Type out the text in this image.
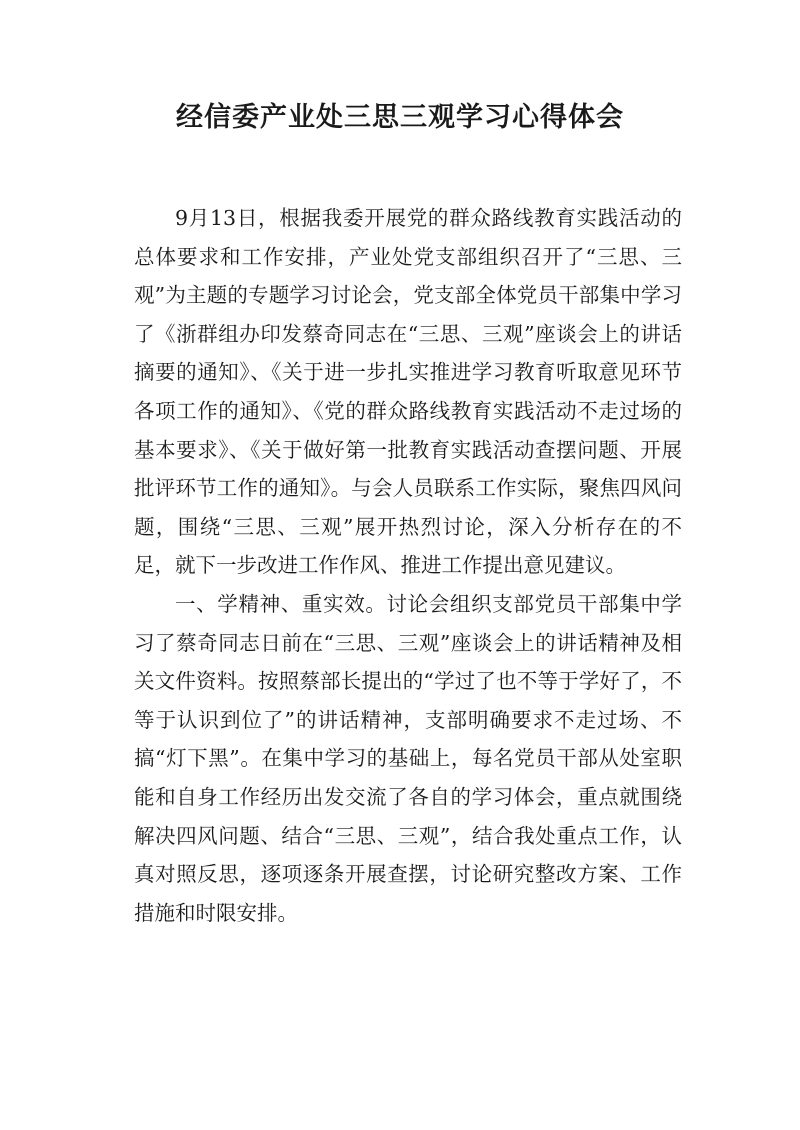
经信委产业处三思三观学习心得体会

9月13日，根据我委开展党的群众路线教育实践活动的总体要求和工作安排，产业处党支部组织召开了“三思、三观”为主题的专题学习讨论会，党支部全体党员干部集中学习了《浙群组办印发蔡奇同志在“三思、三观”座谈会上的讲话摘要的通知》、《关于进一步扎实推进学习教育听取意见环节各项工作的通知》、《党的群众路线教育实践活动不走过场的基本要求》、《关于做好第一批教育实践活动查摆问题、开展批评环节工作的通知》。与会人员联系工作实际，聚焦四风问题，围绕“三思、三观”展开热烈讨论，深入分析存在的不足，就下一步改进工作作风、推进工作提出意见建议。

一、学精神、重实效。讨论会组织支部党员干部集中学习了蔡奇同志日前在“三思、三观”座谈会上的讲话精神及相关文件资料。按照蔡部长提出的“学过了也不等于学好了，不等于认识到位了”的讲话精神，支部明确要求不走过场、不搞“灯下黑”。在集中学习的基础上，每名党员干部从处室职能和自身工作经历出发交流了各自的学习体会，重点就围绕解决四风问题、结合“三思、三观”，结合我处重点工作，认真对照反思，逐项逐条开展查摆，讨论研究整改方案、工作措施和时限安排。
